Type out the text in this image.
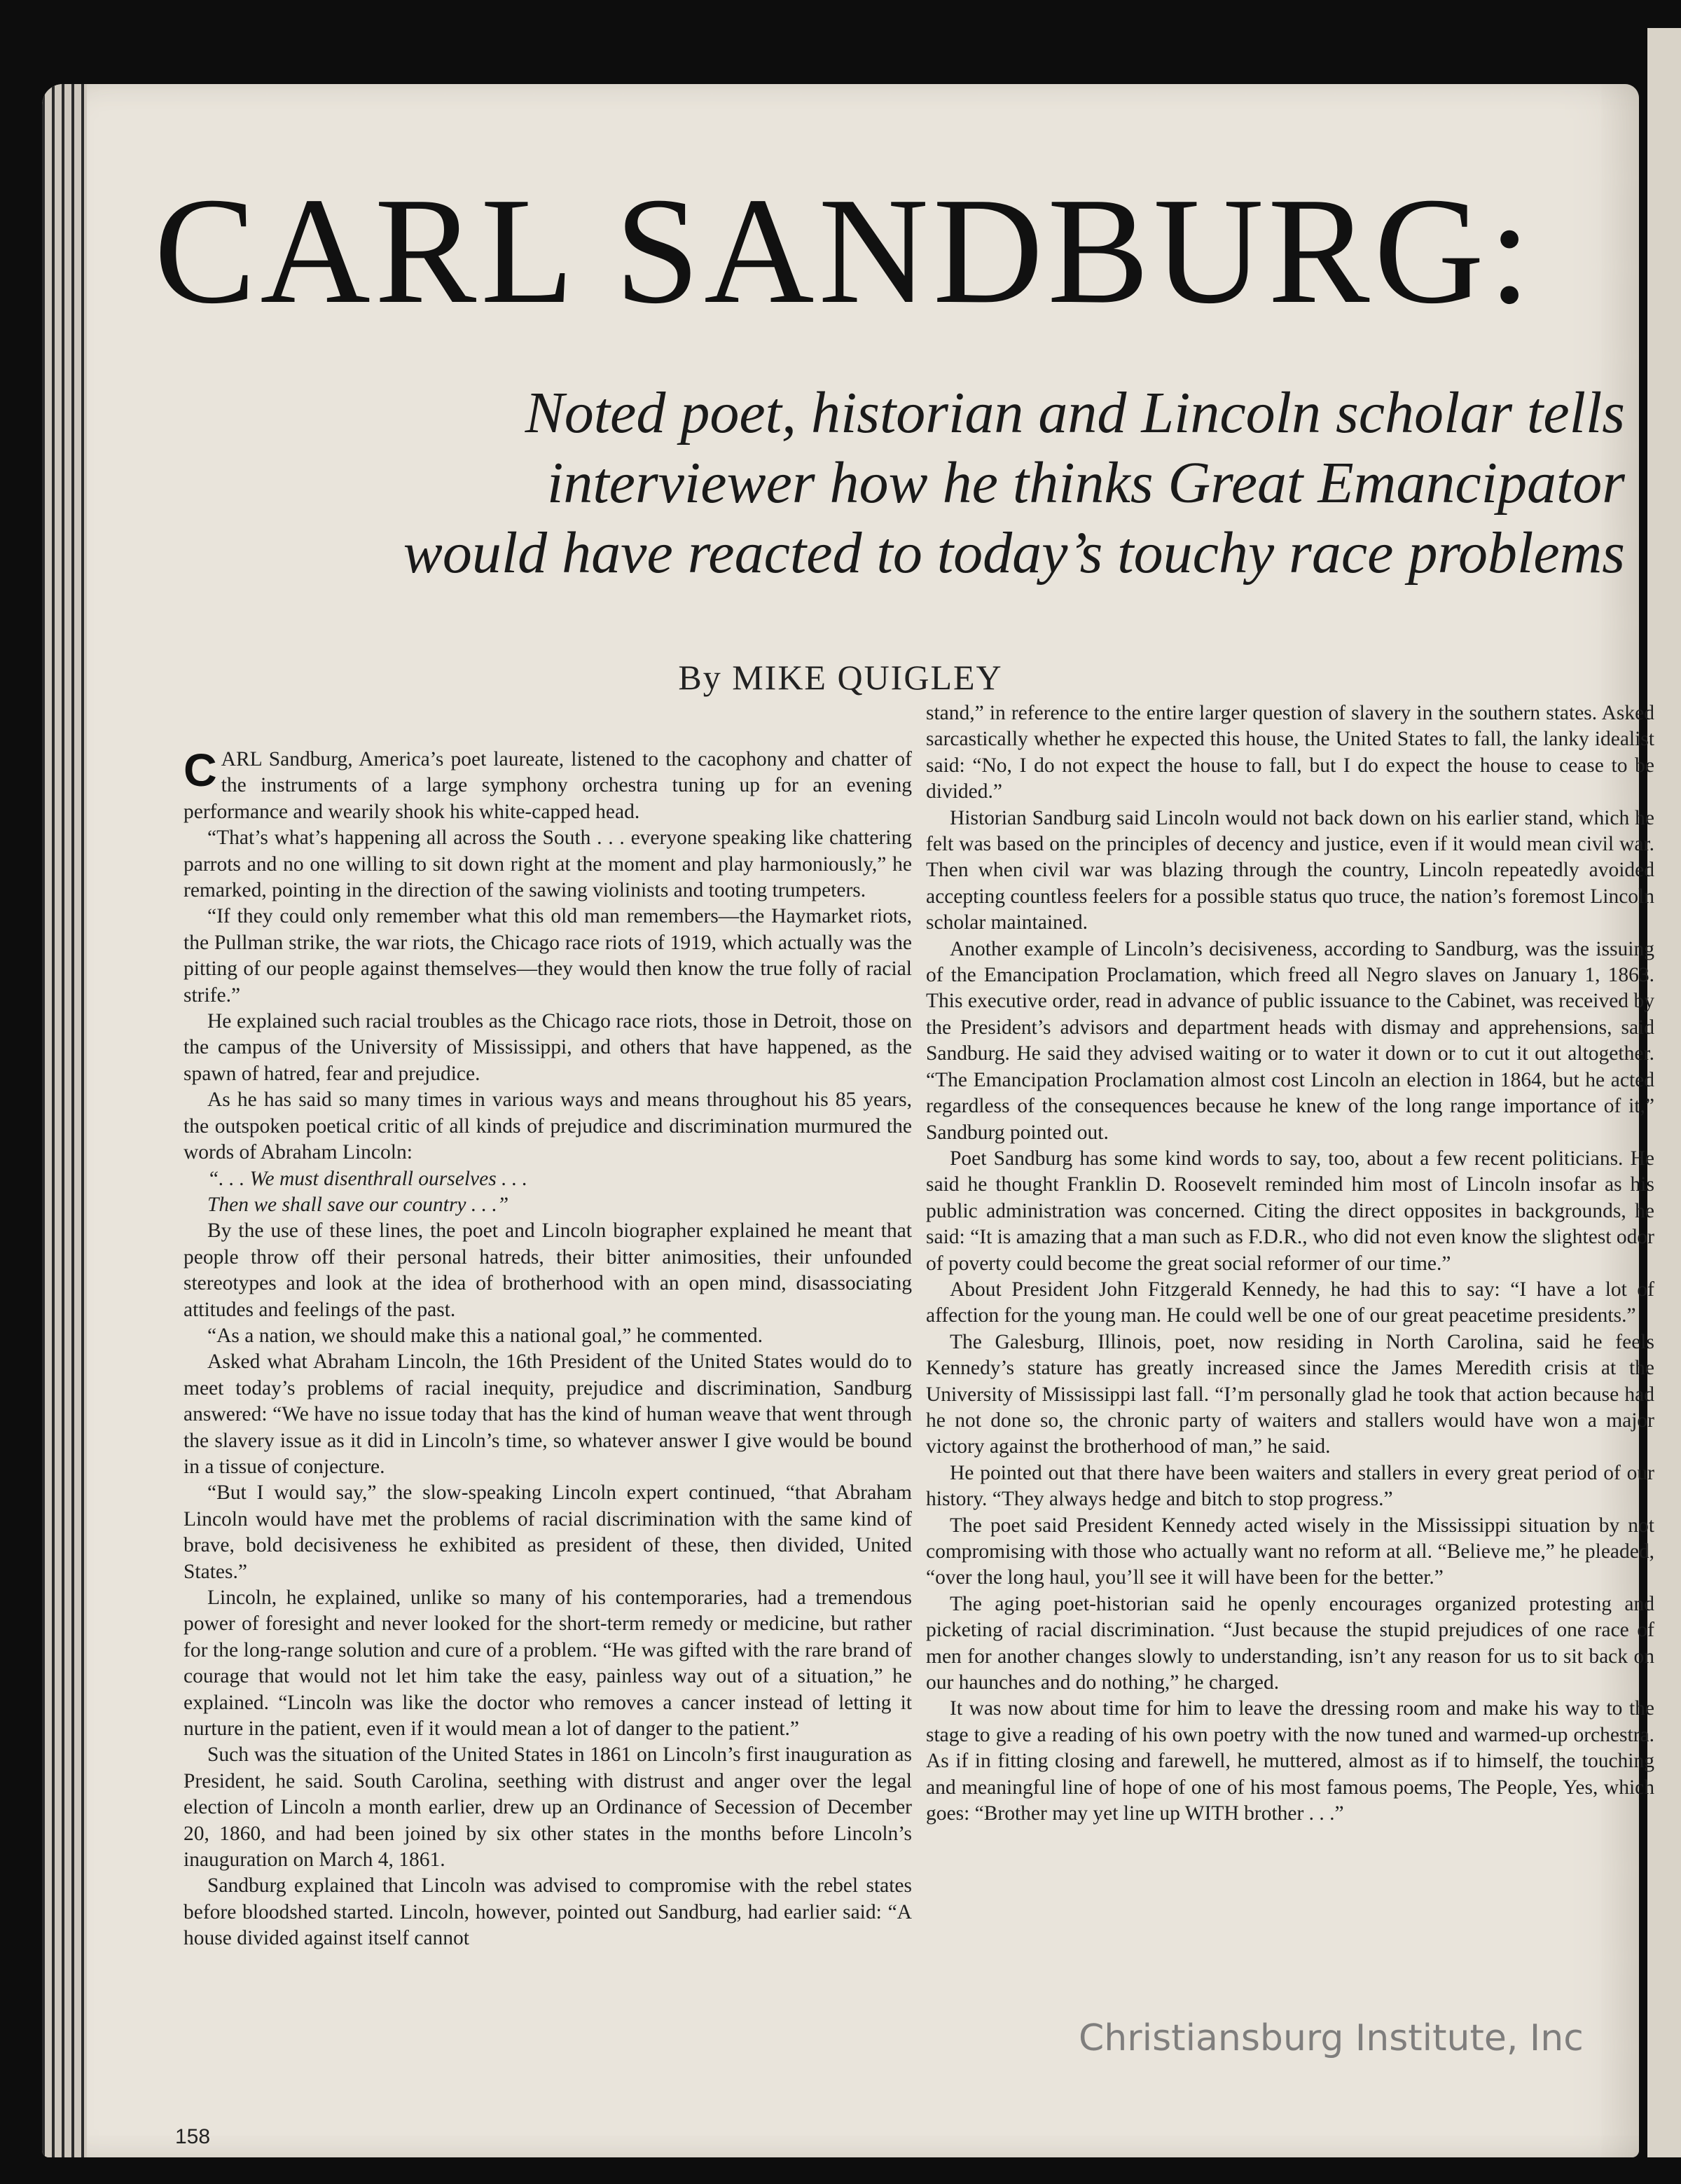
CARL SANDBURG:
Noted poet, historian and Lincoln scholar tells
interviewer how he thinks Great Emancipator
would have reacted to today’s touchy race problems
By MIKE QUIGLEY

CARL Sandburg, America’s poet laureate, listened to the cacophony and chatter of the instruments of a large symphony orchestra tuning up for an evening performance and wearily shook his white-capped head.

“That’s what’s happening all across the South . . . everyone speaking like chattering parrots and no one willing to sit down right at the moment and play harmoniously,” he remarked, pointing in the direction of the sawing violinists and tooting trumpeters.

“If they could only remember what this old man remembers—the Haymarket riots, the Pullman strike, the war riots, the Chicago race riots of 1919, which actually was the pitting of our people against themselves—they would then know the true folly of racial strife.”

He explained such racial troubles as the Chicago race riots, those in Detroit, those on the campus of the University of Mississippi, and others that have happened, as the spawn of hatred, fear and prejudice.

As he has said so many times in various ways and means throughout his 85 years, the outspoken poetical critic of all kinds of prejudice and discrimination murmured the words of Abraham Lincoln:

“. . . We must disenthrall ourselves . . .

Then we shall save our country . . .”

By the use of these lines, the poet and Lincoln biographer explained he meant that people throw off their personal hatreds, their bitter animosities, their unfounded stereotypes and look at the idea of brotherhood with an open mind, disassociating attitudes and feelings of the past.

“As a nation, we should make this a national goal,” he commented.

Asked what Abraham Lincoln, the 16th President of the United States would do to meet today’s problems of racial inequity, prejudice and discrimination, Sandburg answered: “We have no issue today that has the kind of human weave that went through the slavery issue as it did in Lincoln’s time, so whatever answer I give would be bound in a tissue of conjecture.

“But I would say,” the slow-speaking Lincoln expert continued, “that Abraham Lincoln would have met the problems of racial discrimination with the same kind of brave, bold decisiveness he exhibited as president of these, then divided, United States.”

Lincoln, he explained, unlike so many of his contemporaries, had a tremendous power of foresight and never looked for the short-term remedy or medicine, but rather for the long-range solution and cure of a problem. “He was gifted with the rare brand of courage that would not let him take the easy, painless way out of a situation,” he explained. “Lincoln was like the doctor who removes a cancer instead of letting it nurture in the patient, even if it would mean a lot of danger to the patient.”

Such was the situation of the United States in 1861 on Lincoln’s first inauguration as President, he said. South Carolina, seething with distrust and anger over the legal election of Lincoln a month earlier, drew up an Ordinance of Secession of December 20, 1860, and had been joined by six other states in the months before Lincoln’s inauguration on March 4, 1861.

Sandburg explained that Lincoln was advised to compromise with the rebel states before bloodshed started. Lincoln, however, pointed out Sandburg, had earlier said: “A house divided against itself cannot

stand,” in reference to the entire larger question of slavery in the southern states. Asked sarcastically whether he expected this house, the United States to fall, the lanky idealist said: “No, I do not expect the house to fall, but I do expect the house to cease to be divided.”

Historian Sandburg said Lincoln would not back down on his earlier stand, which he felt was based on the principles of decency and justice, even if it would mean civil war. Then when civil war was blazing through the country, Lincoln repeatedly avoided accepting countless feelers for a possible status quo truce, the nation’s foremost Lincoln scholar maintained.

Another example of Lincoln’s decisiveness, according to Sandburg, was the issuing of the Emancipation Proclamation, which freed all Negro slaves on January 1, 1863. This executive order, read in advance of public issuance to the Cabinet, was received by the President’s advisors and department heads with dismay and apprehensions, said Sandburg. He said they advised waiting or to water it down or to cut it out altogether. “The Emancipation Proclamation almost cost Lincoln an election in 1864, but he acted regardless of the consequences because he knew of the long range importance of it,” Sandburg pointed out.

Poet Sandburg has some kind words to say, too, about a few recent politicians. He said he thought Franklin D. Roosevelt reminded him most of Lincoln insofar as his public administration was concerned. Citing the direct opposites in backgrounds, he said: “It is amazing that a man such as F.D.R., who did not even know the slightest odor of poverty could become the great social reformer of our time.”

About President John Fitzgerald Kennedy, he had this to say: “I have a lot of affection for the young man. He could well be one of our great peacetime presidents.”

The Galesburg, Illinois, poet, now residing in North Carolina, said he feels Kennedy’s stature has greatly increased since the James Meredith crisis at the University of Mississippi last fall. “I’m personally glad he took that action because had he not done so, the chronic party of waiters and stallers would have won a major victory against the brotherhood of man,” he said.

He pointed out that there have been waiters and stallers in every great period of our history. “They always hedge and bitch to stop progress.”

The poet said President Kennedy acted wisely in the Mississippi situation by not compromising with those who actually want no reform at all. “Believe me,” he pleaded, “over the long haul, you’ll see it will have been for the better.”

The aging poet-historian said he openly encourages organized protesting and picketing of racial discrimination. “Just because the stupid prejudices of one race of men for another changes slowly to understanding, isn’t any reason for us to sit back on our haunches and do nothing,” he charged.

It was now about time for him to leave the dressing room and make his way to the stage to give a reading of his own poetry with the now tuned and warmed-up orchestra. As if in fitting closing and farewell, he muttered, almost as if to himself, the touching and meaningful line of hope of one of his most famous poems, The People, Yes, which goes: “Brother may yet line up WITH brother . . .”

158
Christiansburg Institute, Inc
